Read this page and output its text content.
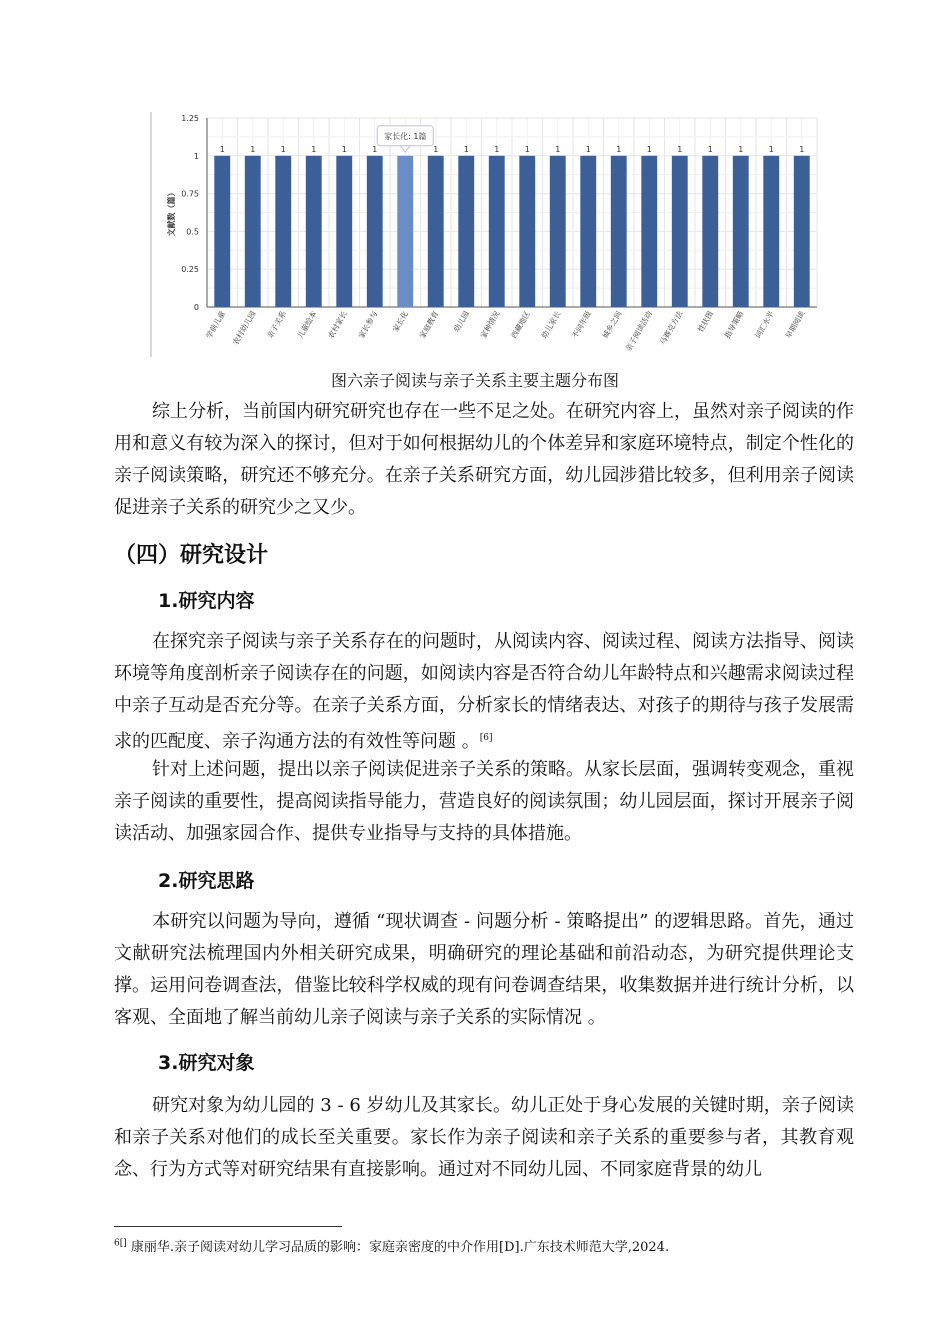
0
0.25
0.5
0.75
1
1.25
文献数（篇）
1
学前儿童
1
农村幼儿园
1
亲子关系
1
儿童绘本
1
农村家长
1
家长参与 家长化
1
家庭教育
1
幼儿园
1
家种情况
1
西藏地区
1
幼儿家长
1
不同年级
1
城乡之间
1
亲子阅读活动
1
马赛克方法
1
性状图
1
指导策略
1
词汇水平
1
早期阅读
家长化: 1篇
图六亲子阅读与亲子关系主要主题分布图

综上分析，当前国内研究研究也存在一些不足之处。在研究内容上，虽然对亲子阅读的作用和意义有较为深入的探讨，但对于如何根据幼儿的个体差异和家庭环境特点，制定个性化的亲子阅读策略，研究还不够充分。在亲子关系研究方面，幼儿园涉猎比较多，但利用亲子阅读促进亲子关系的研究少之又少。

（四）研究设计
1.研究内容

在探究亲子阅读与亲子关系存在的问题时，从阅读内容、阅读过程、阅读方法指导、阅读环境等角度剖析亲子阅读存在的问题，如阅读内容是否符合幼儿年龄特点和兴趣需求阅读过程中亲子互动是否充分等。在亲子关系方面，分析家长的情绪表达、对孩子的期待与孩子发展需求的匹配度、亲子沟通方法的有效性等问题 。[6]

针对上述问题，提出以亲子阅读促进亲子关系的策略。从家长层面，强调转变观念，重视亲子阅读的重要性，提高阅读指导能力，营造良好的阅读氛围；幼儿园层面，探讨开展亲子阅读活动、加强家园合作、提供专业指导与支持的具体措施。

2.研究思路

本研究以问题为导向，遵循 “现状调查 - 问题分析 - 策略提出” 的逻辑思路。首先，通过文献研究法梳理国内外相关研究成果，明确研究的理论基础和前沿动态，为研究提供理论支撑。运用问卷调查法，借鉴比较科学权威的现有问卷调查结果，收集数据并进行统计分析，以客观、全面地了解当前幼儿亲子阅读与亲子关系的实际情况 。

3.研究对象

研究对象为幼儿园的 3 - 6 岁幼儿及其家长。幼儿正处于身心发展的关键时期，亲子阅读和亲子关系对他们的成长至关重要。家长作为亲子阅读和亲子关系的重要参与者，其教育观念、行为方式等对研究结果有直接影响。通过对不同幼儿园、不同家庭背景的幼儿

$^{6[]}$ 康丽华.亲子阅读对幼儿学习品质的影响：家庭亲密度的中介作用[D].广东技术师范大学,2024.
